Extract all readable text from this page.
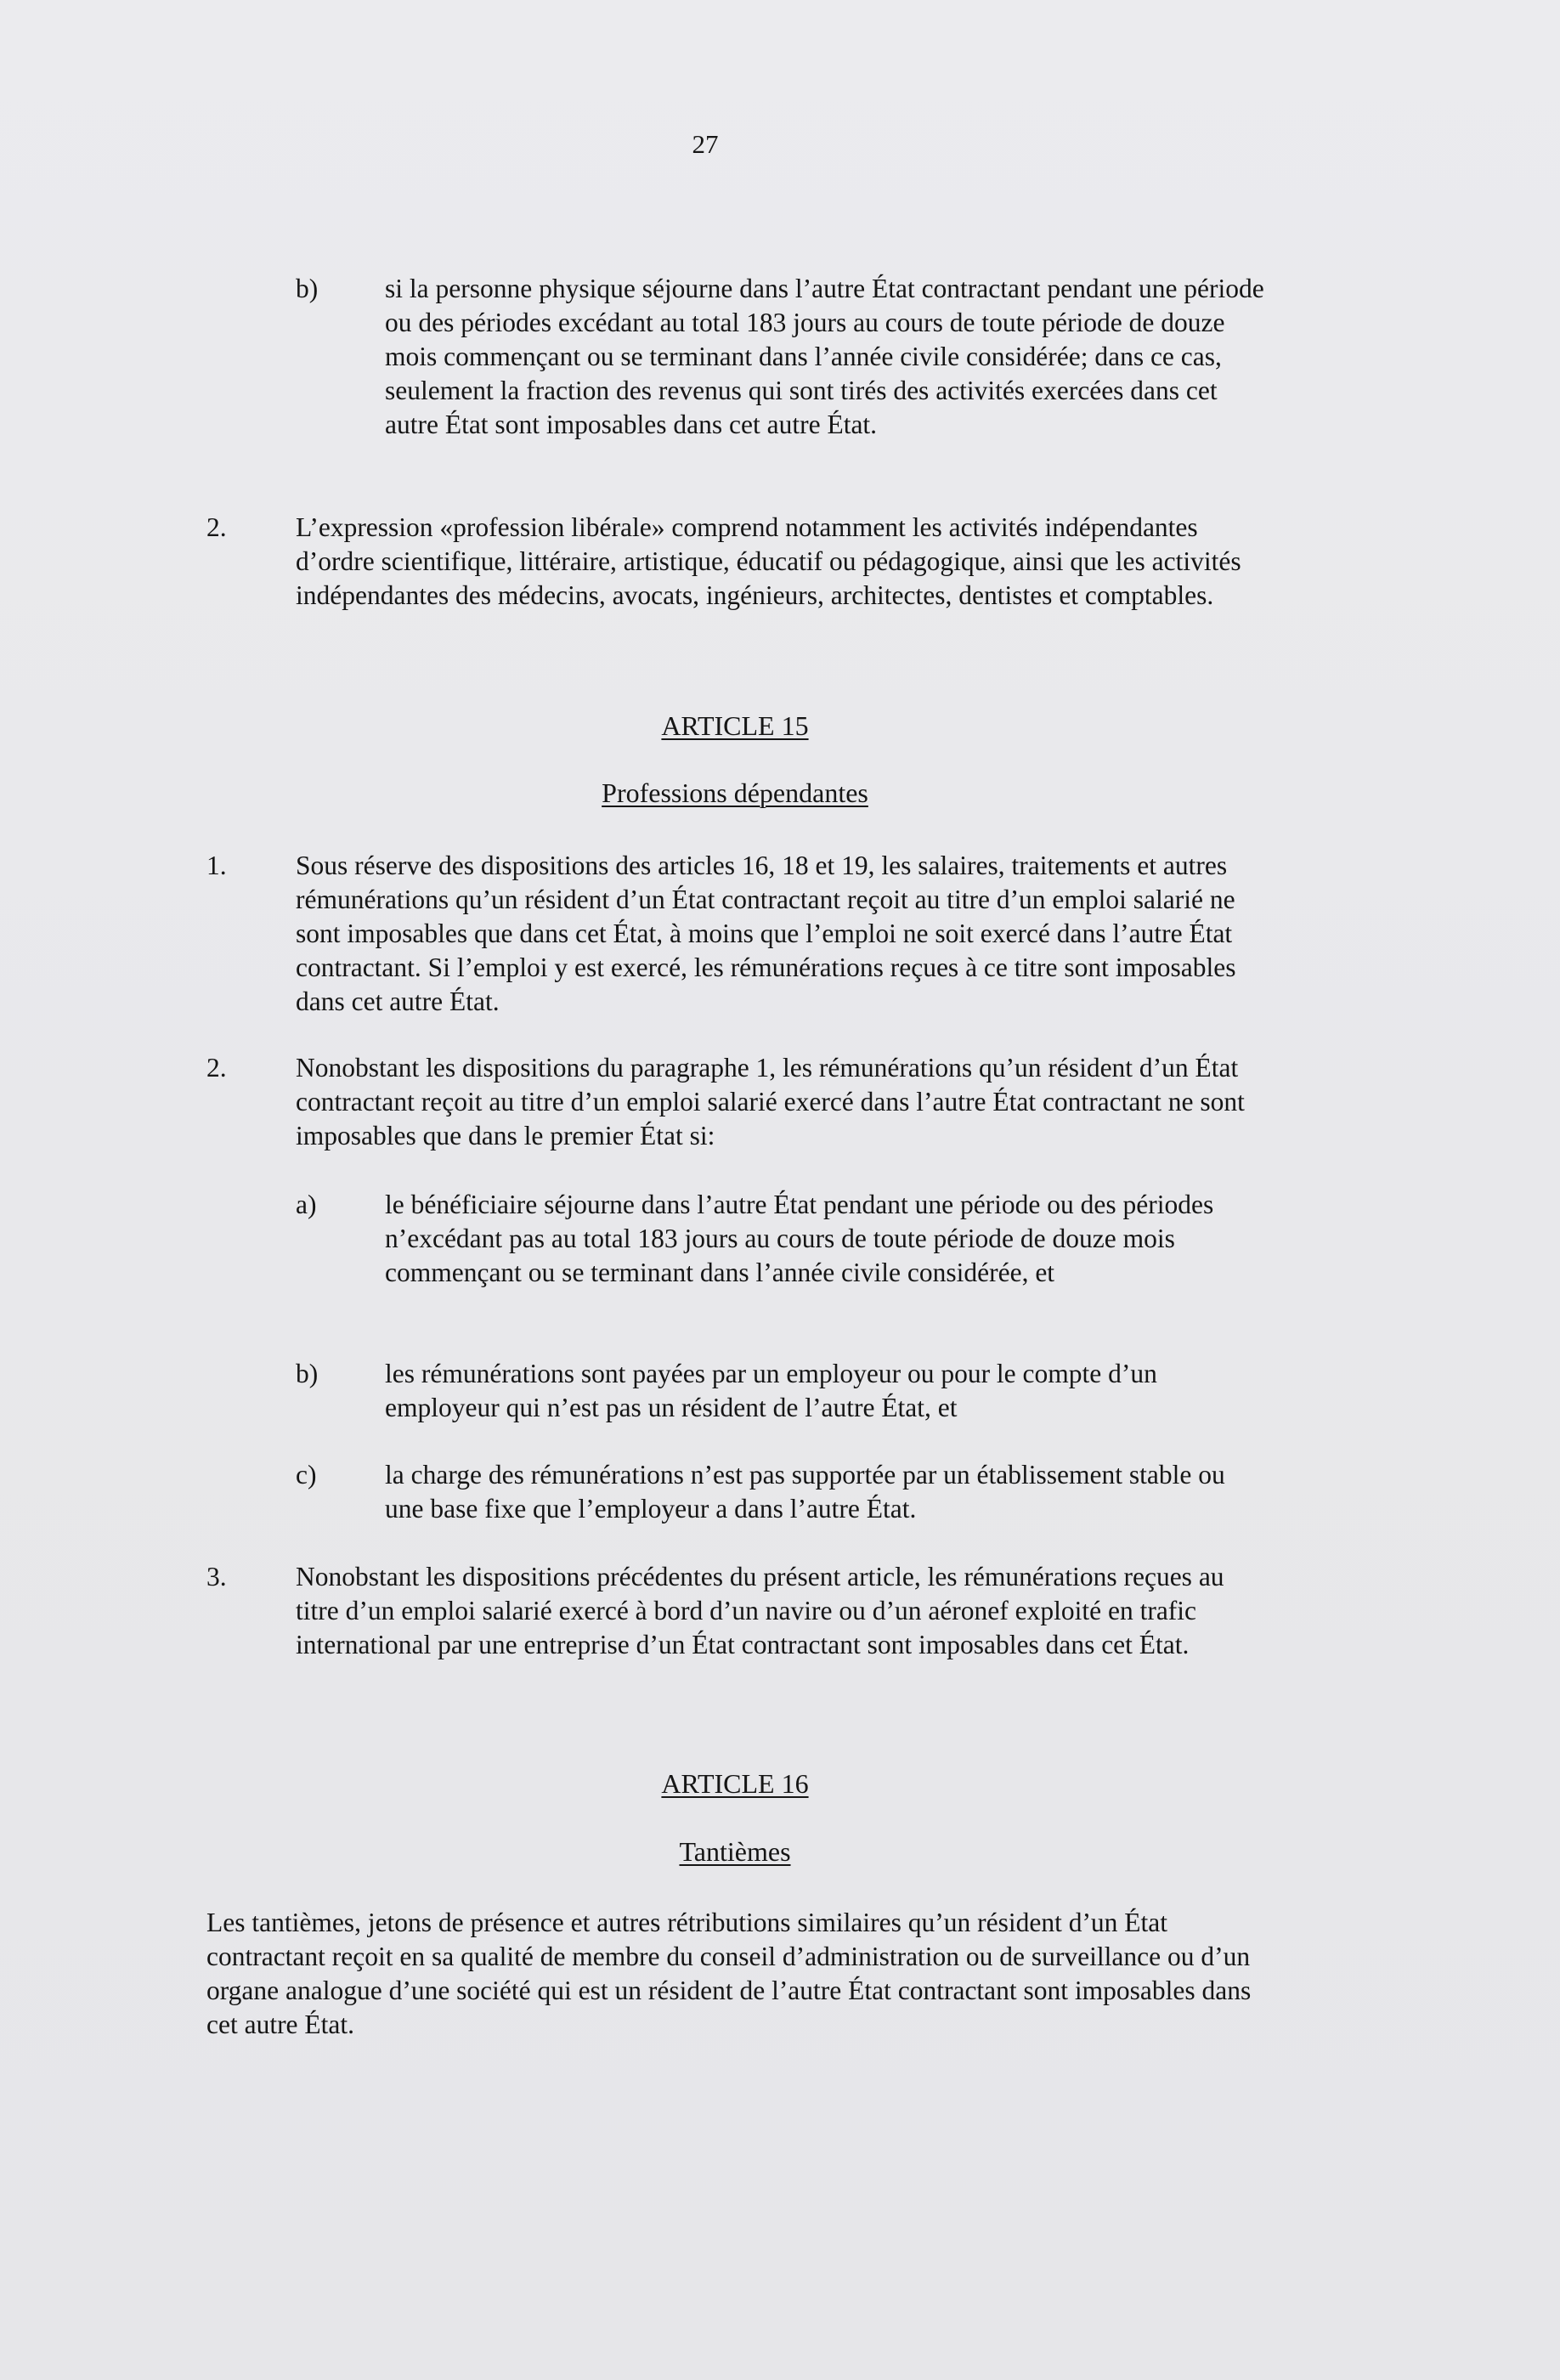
27
b)	si la personne physique séjourne dans l’autre État contractant pendant une période ou des périodes excédant au total 183 jours au cours de toute période de douze mois commençant ou se terminant dans l’année civile considérée; dans ce cas, seulement la fraction des revenus qui sont tirés des activités exercées dans cet autre État sont imposables dans cet autre État.
2.	L’expression «profession libérale» comprend notamment les activités indépendantes d’ordre scientifique, littéraire, artistique, éducatif ou pédagogique, ainsi que les activités indépendantes des médecins, avocats, ingénieurs, architectes, dentistes et comptables.
ARTICLE 15
Professions dépendantes
1.	Sous réserve des dispositions des articles 16, 18 et 19, les salaires, traitements et autres rémunérations qu’un résident d’un État contractant reçoit au titre d’un emploi salarié ne sont imposables que dans cet État, à moins que l’emploi ne soit exercé dans l’autre État contractant. Si l’emploi y est exercé, les rémunérations reçues à ce titre sont imposables dans cet autre État.
2.	Nonobstant les dispositions du paragraphe 1, les rémunérations qu’un résident d’un État contractant reçoit au titre d’un emploi salarié exercé dans l’autre État contractant ne sont imposables que dans le premier État si:
a)	le bénéficiaire séjourne dans l’autre État pendant une période ou des périodes n’excédant pas au total 183 jours au cours de toute période de douze mois commençant ou se terminant dans l’année civile considérée, et
b)	les rémunérations sont payées par un employeur ou pour le compte d’un employeur qui n’est pas un résident de l’autre État, et
c)	la charge des rémunérations n’est pas supportée par un établissement stable ou une base fixe que l’employeur a dans l’autre État.
3.	Nonobstant les dispositions précédentes du présent article, les rémunérations reçues au titre d’un emploi salarié exercé à bord d’un navire ou d’un aéronef exploité en trafic international par une entreprise d’un État contractant sont imposables dans cet État.
ARTICLE 16
Tantièmes
Les tantièmes, jetons de présence et autres rétributions similaires qu’un résident d’un État contractant reçoit en sa qualité de membre du conseil d’administration ou de surveillance ou d’un organe analogue d’une société qui est un résident de l’autre État contractant sont imposables dans cet autre État.
